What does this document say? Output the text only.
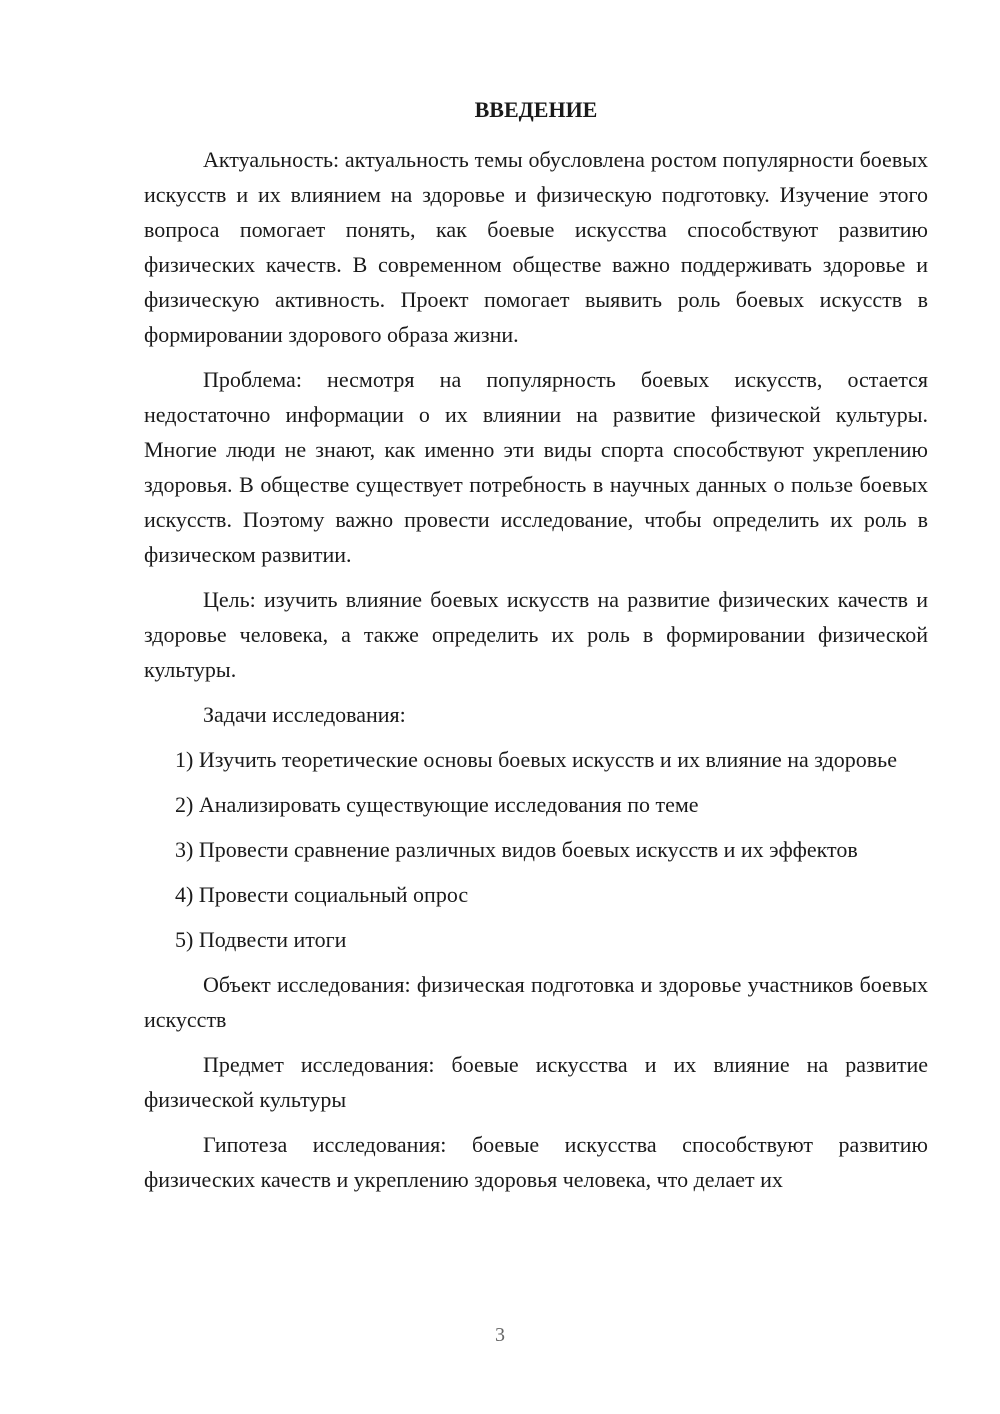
ВВЕДЕНИЕ

Актуальность: актуальность темы обусловлена ростом популярности боевых искусств и их влиянием на здоровье и физическую подготовку. Изучение этого вопроса помогает понять, как боевые искусства способствуют развитию физических качеств. В современном обществе важно поддерживать здоровье и физическую активность. Проект помогает выявить роль боевых искусств в формировании здорового образа жизни.

Проблема: несмотря на популярность боевых искусств, остается недостаточно информации о их влиянии на развитие физической культуры. Многие люди не знают, как именно эти виды спорта способствуют укреплению здоровья. В обществе существует потребность в научных данных о пользе боевых искусств. Поэтому важно провести исследование, чтобы определить их роль в физическом развитии.

Цель: изучить влияние боевых искусств на развитие физических качеств и здоровье человека, а также определить их роль в формировании физической культуры.

Задачи исследования:

1) Изучить теоретические основы боевых искусств и их влияние на здоровье

2) Анализировать существующие исследования по теме

3) Провести сравнение различных видов боевых искусств и их эффектов

4) Провести социальный опрос

5) Подвести итоги

Объект исследования: физическая подготовка и здоровье участников боевых искусств

Предмет исследования: боевые искусства и их влияние на развитие физической культуры

Гипотеза исследования: боевые искусства способствуют развитию физических качеств и укреплению здоровья человека, что делает их

3
